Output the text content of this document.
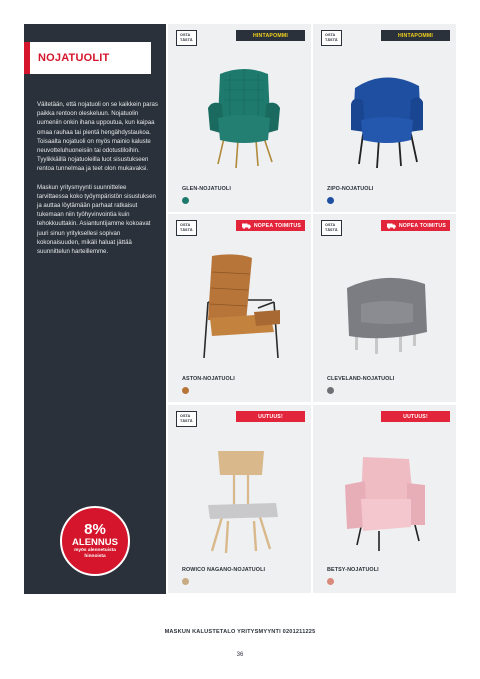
NOJATUOLIT

Väitetään, että nojatuoli on se kaikkein paras paikka rentoon oleskeluun. Nojatuolin uumeniin onkin ihana uppoutua, kun kaipaa omaa rauhaa tai pientä hengähdystaukoa. Toisaalta nojatuoli on myös mainio kaluste neuvotteluhuoneisiin tai odotustiloihin. Tyylikkäillä nojatuoleilla luot sisustukseen rentoa tunnelmaa ja teet olon mukavaksi.

Maskun yritysmyynti suunnittelee tarvittaessa koko työympäristön sisustuksen ja auttaa löytämään parhaat ratkaisut tukemaan niin työhyvinvointia kuin tehokkuuttakin. Asiantuntijamme kokoavat juuri sinun yrityksellesi sopivan kokonaisuuden, mikäli haluat jättää suunnittelun harteillemme.

8%
ALENNUS
myös alennetuista
hinnoista
OSTA
TÄSTÄ
HINTAPOMMI
GLEN-NOJATUOLI
OSTA
TÄSTÄ
HINTAPOMMI
ZIPO-NOJATUOLI
OSTA
TÄSTÄ
NOPEA TOIMITUS
ASTON-NOJATUOLI
OSTA
TÄSTÄ
NOPEA TOIMITUS
CLEVELAND-NOJATUOLI
OSTA
TÄSTÄ
UUTUUS!
ROWICO NAGANO-NOJATUOLI
UUTUUS!
BETSY-NOJATUOLI
MASKUN KALUSTETALO YRITYSMYYNTI 0201211225
36
